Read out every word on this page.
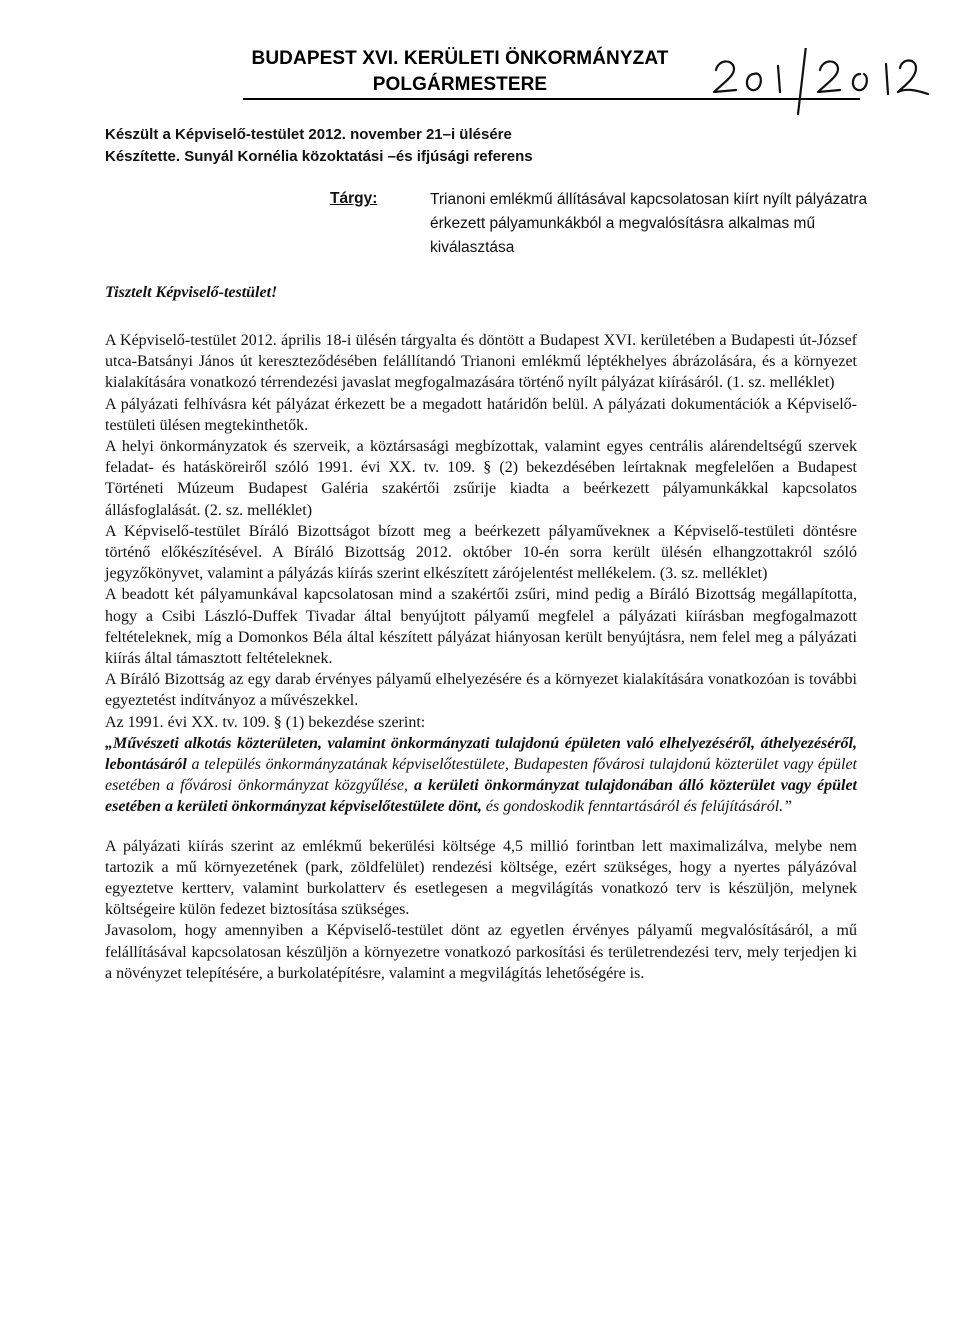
BUDAPEST XVI. KERÜLETI ÖNKORMÁNYZAT
POLGÁRMESTERE
Készült a Képviselő-testület 2012. november 21–i ülésére
Készítette. Sunyál Kornélia közoktatási –és ifjúsági referens
Tárgy:	Trianoni emlékmű állításával kapcsolatosan kiírt nyílt pályázatra érkezett pályamunkákból a megvalósításra alkalmas mű kiválasztása
Tisztelt Képviselő-testület!

A Képviselő-testület 2012. április 18-i ülésén tárgyalta és döntött a Budapest XVI. kerületében a Budapesti út-József utca-Batsányi János út kereszteződésében felállítandó Trianoni emlékmű léptékhelyes ábrázolására, és a környezet kialakítására vonatkozó térrendezési javaslat megfogalmazására történő nyílt pályázat kiírásáról. (1. sz. melléklet)

A pályázati felhívásra két pályázat érkezett be a megadott határidőn belül. A pályázati dokumentációk a Képviselő-testületi ülésen megtekinthetők.

A helyi önkormányzatok és szerveik, a köztársasági megbízottak, valamint egyes centrális alárendeltségű szervek feladat- és hatásköreiről szóló 1991. évi XX. tv. 109. § (2) bekezdésében leírtaknak megfelelően a Budapest Történeti Múzeum Budapest Galéria szakértői zsűrije kiadta a beérkezett pályamunkákkal kapcsolatos állásfoglalását. (2. sz. melléklet)

A Képviselő-testület Bíráló Bizottságot bízott meg a beérkezett pályaművekneк a Képviselő-testületi döntésre történő előkészítésével. A Bíráló Bizottság 2012. október 10-én sorra került ülésén elhangzottakról szóló jegyzőkönyvet, valamint a pályázás kiírás szerint elkészített zárójelentést mellékelem. (3. sz. melléklet)

A beadott két pályamunkával kapcsolatosan mind a szakértői zsűri, mind pedig a Bíráló Bizottság megállapította, hogy a Csibi László-Duffek Tivadar által benyújtott pályamű megfelel a pályázati kiírásban megfogalmazott feltételeknek, míg a Domonkos Béla által készített pályázat hiányosan került benyújtásra, nem felel meg a pályázati kiírás által támasztott feltételeknek.

A Bíráló Bizottság az egy darab érvényes pályamű elhelyezésére és a környezet kialakítására vonatkozóan is további egyeztetést indítványoz a művészekkel.

Az 1991. évi XX. tv. 109. § (1) bekezdése szerint:

„Művészeti alkotás közterületen, valamint önkormányzati tulajdonú épületen való elhelyezéséről, áthelyezéséről, lebontásáról a település önkormányzatának képviselőtestülete, Budapesten fővárosi tulajdonú közterület vagy épület esetében a fővárosi önkormányzat közgyűlése, a kerületi önkormányzat tulajdonában álló közterület vagy épület esetében a kerületi önkormányzat képviselőtestülete dönt, és gondoskodik fenntartásáról és felújításáról.”

A pályázati kiírás szerint az emlékmű bekerülési költsége 4,5 millió forintban lett maximalizálva, melybe nem tartozik a mű környezetének (park, zöldfelület) rendezési költsége, ezért szükséges, hogy a nyertes pályázóval egyeztetve kertterv, valamint burkolatterv és esetlegesen a megvilágítás vonatkozó terv is készüljön, melynek költségeire külön fedezet biztosítása szükséges.

Javasolom, hogy amennyiben a Képviselő-testület dönt az egyetlen érvényes pályamű megvalósításáról, a mű felállításával kapcsolatosan készüljön a környezetre vonatkozó parkosítási és területrendezési terv, mely terjedjen ki a növényzet telepítésére, a burkolatépítésre, valamint a megvilágítás lehetőségére is.
